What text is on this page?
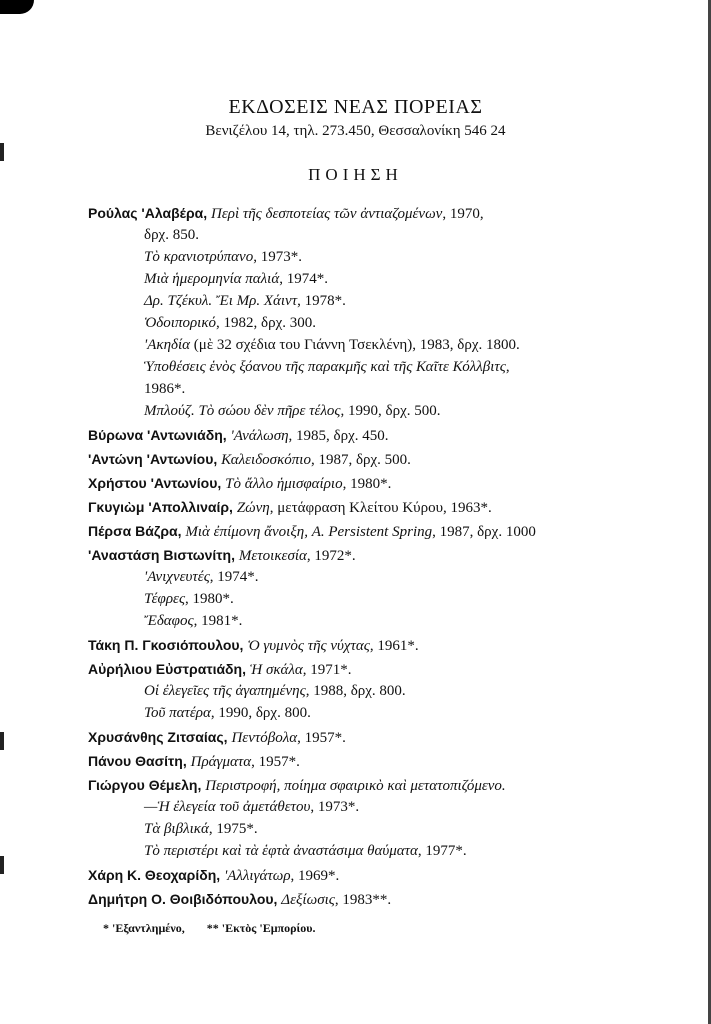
ΕΚΔΟΣΕΙΣ ΝΕΑΣ ΠΟΡΕΙΑΣ
Βενιζέλου 14, τηλ. 273.450, Θεσσαλονίκη 546 24
ΠΟΙΗΣΗ
Ρούλας 'Αλαβέρα, Περὶ τῆς δεσποτείας τῶν ἀντιαζομένων, 1970,
δρχ. 850.
Τὸ κρανιοτρύπανο, 1973*.
Μιὰ ἡμερομηνία παλιά, 1974*.
Δρ. Τζέκυλ. Ἔι Μρ. Χάιντ, 1978*.
Ὁδοιπορικό, 1982, δρχ. 300.
'Ακηδία (μὲ 32 σχέδια του Γιάννη Τσεκλένη), 1983, δρχ. 1800.
Ὑποθέσεις ἑνὸς ξόανου τῆς παρακμῆς καὶ τῆς Καῖτε Κόλλβιτς,
1986*.
Μπλούζ. Τὸ σώου δὲν πῆρε τέλος, 1990, δρχ. 500.
Βύρωνα 'Αντωνιάδη, 'Ανάλωση, 1985, δρχ. 450.
'Αντώνη 'Αντωνίου, Καλειδοσκόπιο, 1987, δρχ. 500.
Χρήστου 'Αντωνίου, Τὸ ἄλλο ἡμισφαίριο, 1980*.
Γκυγιὼμ 'Απολλιναίρ, Ζώνη, μετάφραση Κλείτου Κύρου, 1963*.
Πέρσα Βάζρα, Μιὰ ἐπίμονη ἄνοιξη, A. Persistent Spring, 1987, δρχ. 1000
'Αναστάση Βιστωνίτη, Μετοικεσία, 1972*.
'Ανιχνευτές, 1974*.
Τέφρες, 1980*.
Ἔδαφος, 1981*.
Τάκη Π. Γκοσιόπουλου, Ὁ γυμνὸς τῆς νύχτας, 1961*.
Αὐρήλιου Εὐστρατιάδη, Ἡ σκάλα, 1971*.
Οἱ ἐλεγεῖες τῆς ἀγαπημένης, 1988, δρχ. 800.
Τοῦ πατέρα, 1990, δρχ. 800.
Χρυσάνθης Ζιτσαίας, Πεντόβολα, 1957*.
Πάνου Θασίτη, Πράγματα, 1957*.
Γιώργου Θέμελη, Περιστροφή, ποίημα σφαιρικὸ καὶ μετατοπιζόμενο.
—Ἡ ἐλεγεία τοῦ ἀμετάθετου, 1973*.
Τὰ βιβλικά, 1975*.
Τὸ περιστέρι καὶ τὰ ἑφτὰ ἀναστάσιμα θαύματα, 1977*.
Χάρη Κ. Θεοχαρίδη, 'Αλλιγάτωρ, 1969*.
Δημήτρη Ο. Θοιβιδόπουλου, Δεξίωσις, 1983**.
* 'Εξαντλημένο, ** 'Εκτὸς 'Εμπορίου.
